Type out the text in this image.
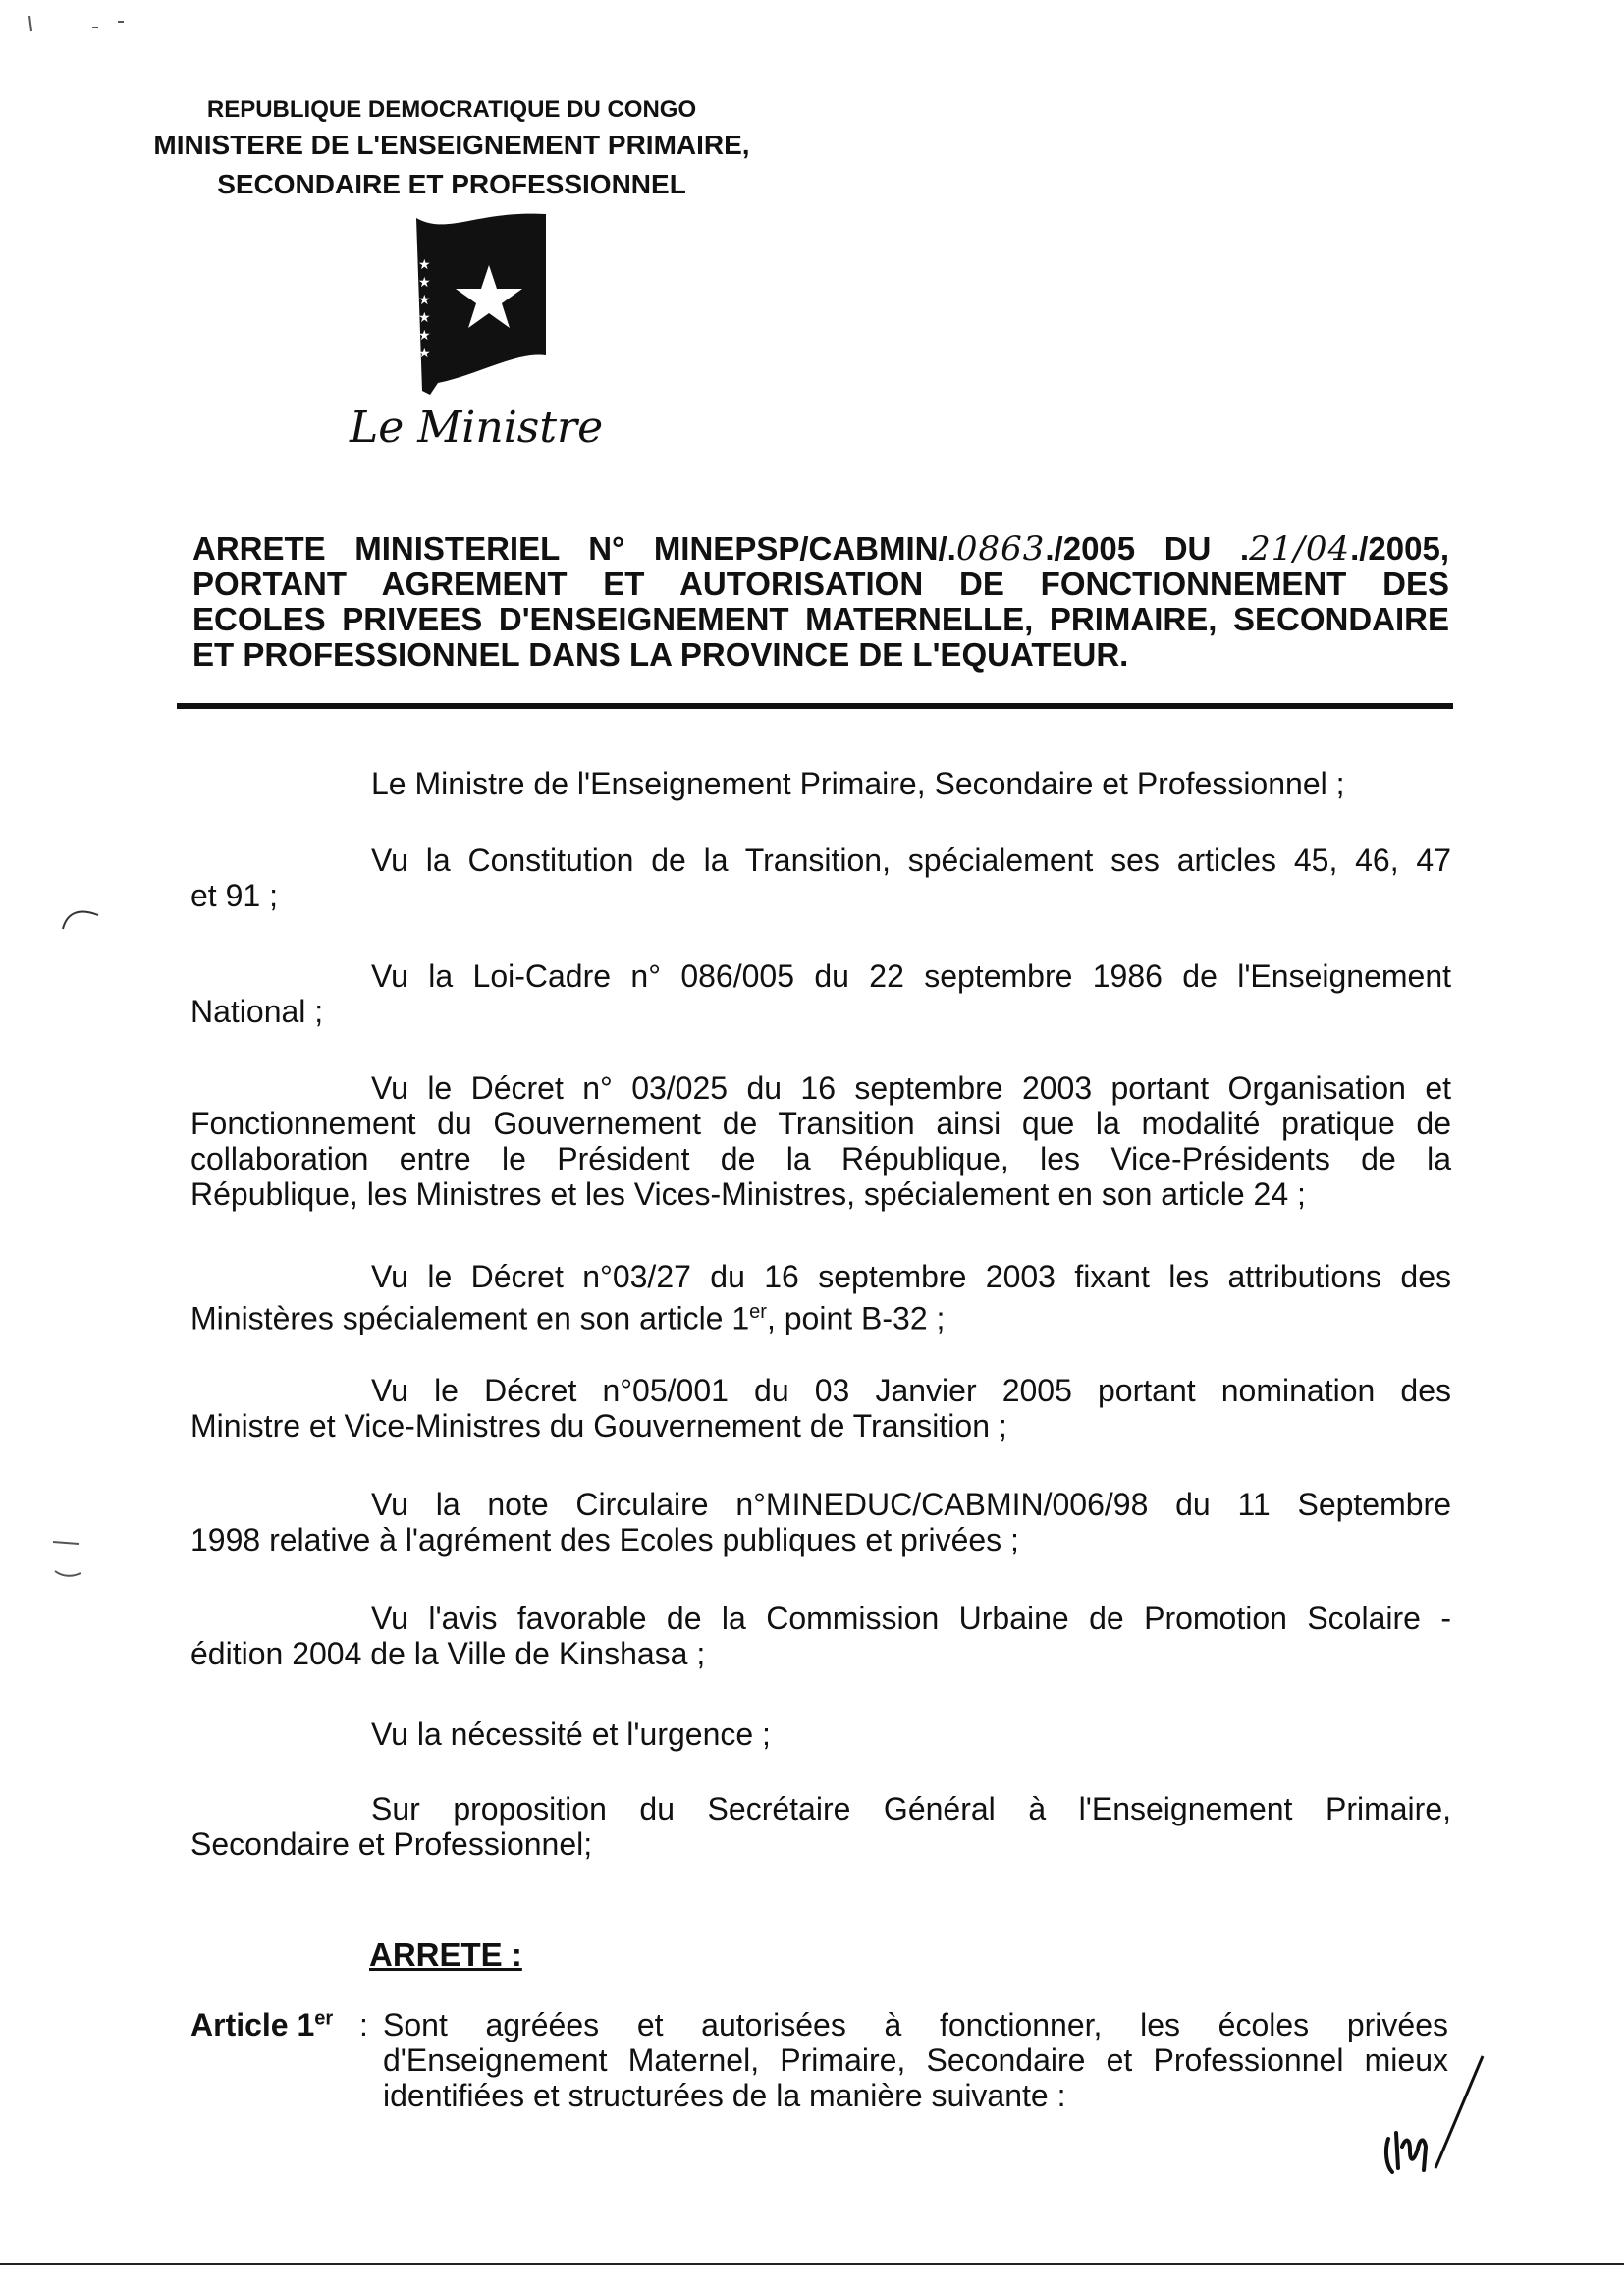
REPUBLIQUE DEMOCRATIQUE DU CONGO
MINISTERE DE L'ENSEIGNEMENT PRIMAIRE,
SECONDAIRE ET PROFESSIONNEL
★
★
★
★
★
★
Le Ministre
ARRETE MINISTERIEL N° MINEPSP/CABMIN/.0863./2005 DU .21/04./2005,
PORTANT AGREMENT ET AUTORISATION DE FONCTIONNEMENT DES
ECOLES PRIVEES D'ENSEIGNEMENT MATERNELLE, PRIMAIRE, SECONDAIRE
ET PROFESSIONNEL DANS LA PROVINCE DE L'EQUATEUR.
Le Ministre de l'Enseignement Primaire, Secondaire et Professionnel ;
Vu la Constitution de la Transition, spécialement ses articles 45, 46, 47
et 91 ;
Vu la Loi-Cadre n° 086/005 du 22 septembre 1986 de l'Enseignement
National ;
Vu le Décret n° 03/025 du 16 septembre 2003 portant Organisation et
Fonctionnement du Gouvernement de Transition ainsi que la modalité pratique de
collaboration entre le Président de la République, les Vice-Présidents de la
République, les Ministres et les Vices-Ministres, spécialement en son article 24 ;
Vu le Décret n°03/27 du 16 septembre 2003 fixant les attributions des
Ministères spécialement en son article 1er, point B-32 ;
Vu le Décret n°05/001 du 03 Janvier 2005 portant nomination des
Ministre et Vice-Ministres du Gouvernement de Transition ;
Vu la note Circulaire n°MINEDUC/CABMIN/006/98 du 11 Septembre
1998 relative à l'agrément des Ecoles publiques et privées ;
Vu l'avis favorable de la Commission Urbaine de Promotion Scolaire -
édition 2004 de la Ville de Kinshasa ;
Vu la nécessité et l'urgence ;
Sur proposition du Secrétaire Général à l'Enseignement Primaire,
Secondaire et Professionnel;
ARRETE :
Article 1er : Sont agréées et autorisées à fonctionner, les écoles privées
d'Enseignement Maternel, Primaire, Secondaire et Professionnel mieux
identifiées et structurées de la manière suivante :
